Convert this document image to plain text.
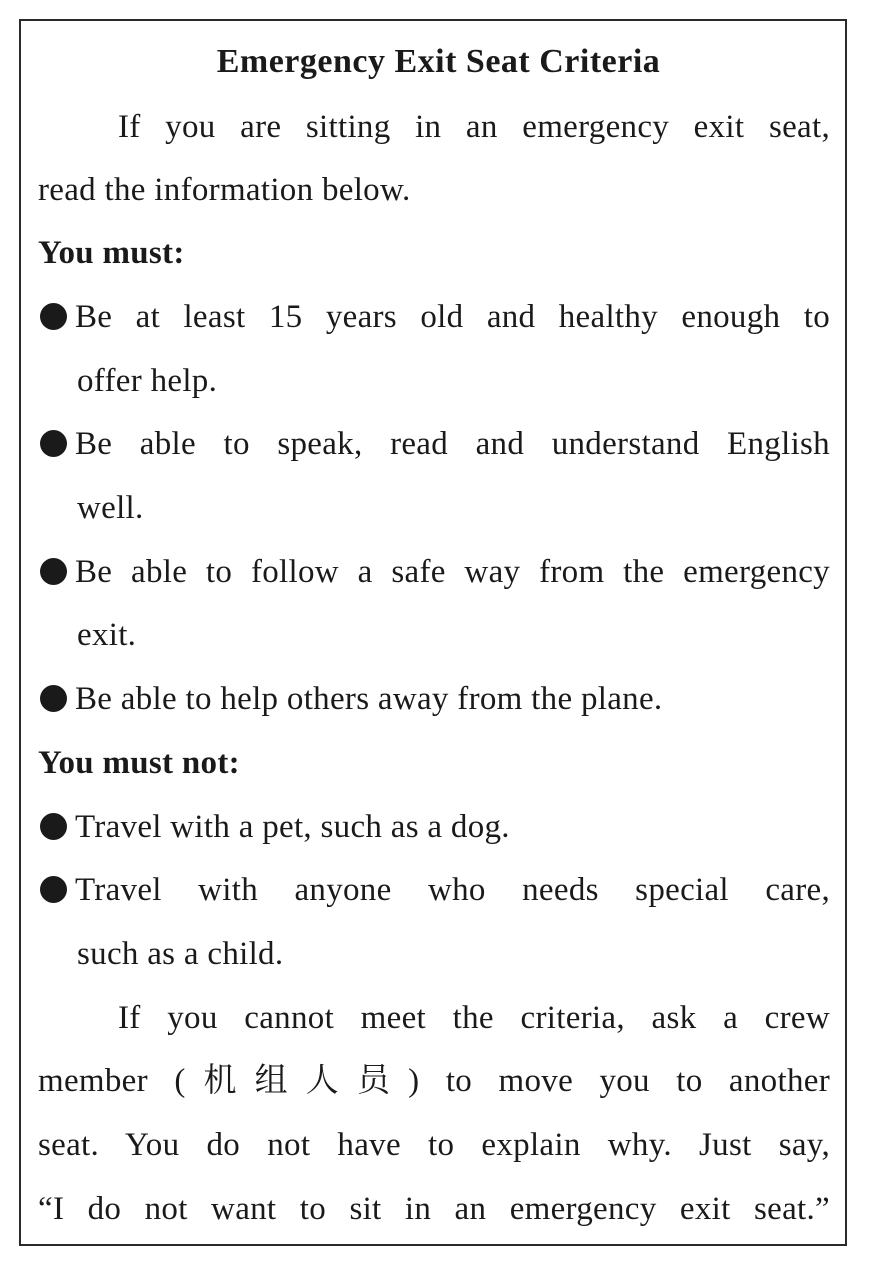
Emergency Exit Seat Criteria
If you are sitting in an emergency exit seat,
read the information below.
You must:
Be at least 15 years old and healthy enough to
offer help.
Be able to speak, read and understand English
well.
Be able to follow a safe way from the emergency
exit.
Be able to help others away from the plane.
You must not:
Travel with a pet, such as a dog.
Travel with anyone who needs special care,
such as a child.
If you cannot meet the criteria, ask a crew
member (机组人员) to move you to another
seat. You do not have to explain why. Just say,
“I do not want to sit in an emergency exit seat.”
